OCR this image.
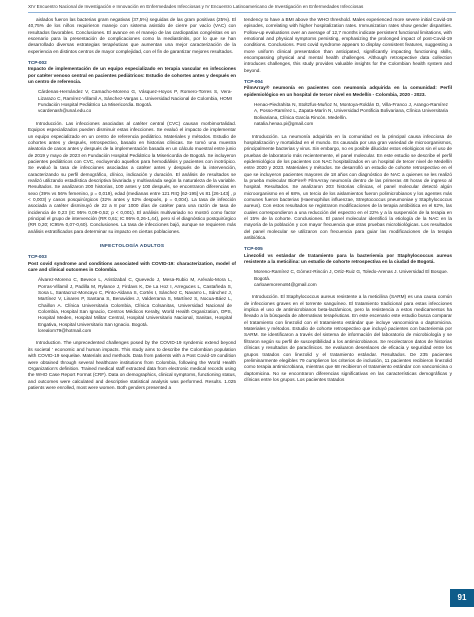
XIV Encuentro Nacional de Investigación e Innovación en Enfermedades Infecciosas y IV Encuentro Latinoamericano de Investigación en Enfermedades Infecciosas

aislados fueron las bacterias gram negativas (37,5%) seguidas de las gram positivas (25%). El 40,75% de los niños requirieron manejo con sistema asistido de cierre por vacío (VAC) con resultados favorables. Conclusiones. El avance en el manejo de las cardiopatías congénitas es un escenario para la presentación de complicaciones como la mediastinitis, por lo que se han desarrollado diversas estrategias terapéuticas que aumentan una mejor caracterización de la experiencia en distintos centros de mayor complejidad, con el fin de garantizar mejores resultados.

TCP-002

Impacto de implementación de un equipo especializado en terapia vascular en infecciones por catéter venoso central en pacientes pediátricos: Estudio de cohortes antes y después en un centro de referencia.

Cárdenas-Hernández V, Camacho-Moreno G, Vásquez-Hoyos P, Romero-Torres S, Vera-Lizarazo C, Ramírez-Villamil A, Sánchez-Vargas L. Universidad Nacional de Colombia, HOMI Fundación Hospital Pediátrico La Misericordia. Bogotá.

vcardenash@unal.edu.co

Introducción. Las infecciones asociadas al catéter central (CVC) causan morbimortalidad. Equipos especializados pueden disminuir estas infecciones. Se evaluó el impacto de implementar un equipo especializado en un centro de referencia pediátrico. Materiales y métodos. Estudio de cohortes antes y después, retrospectivo, basado en historias clínicas. Se tomó una muestra aleatoria de casos antes y después de la implementación basada en un cálculo muestral entre junio de 2019 y mayo de 2023 en Fundación Hospital Pediátrico la Misericordia de Bogotá. Se incluyeron pacientes pediátricos con CVC, excluyendo aquellos para hemodiálisis y pacientes con inotrópico. Se evaluó la tasa de infecciones asociadas a catéter antes y después de la intervención, caracterizando su perfil demográfico, clínico, indicación y duración. El análisis de resultados se realizó utilizando estadística descriptiva bivariada y multivariada según la naturaleza de la variable. Resultados. Se analizaron 200 historias, 100 antes y 100 después, se encontraron diferencias en sexo (39% vs 56% femenino, p = 0,019), edad (medianas entre 121 RIQ [62-195] vs 81 [26-143] , p < 0,003) y casos posquirúrgicos (32% antes y 52% después, p = 0,004). La tasa de infección asociada a catéter disminuyó de 22 a 8 por 1000 días de catéter para una razón de tasa de incidencia de 0,23 (IC 95% 0,09-0,52; p < 0,001). El análisis multivariado no mostró como factor principal el grupo de intervención (RR 0,61; IC 95% 0,26-1,44), pero sí el diagnóstico postquirúrgico (RR 0,20; IC95% 0,07-0,60). Conclusiones. La tasa de infecciones bajó, aunque se requieren más análisis estratificados para determinar su impacto en ciertas poblaciones.

INFECTOLOGÍA ADULTOS

TCP-003

Post covid syndrome and conditions associated with COVID-19: characterization, model of care and clinical outcomes in Colombia.

Álvarez-Moreno C, Bevece L, Aristizabal C, Quevedo J, Mesa-Rubio M, Arévalo-Mora L, Porras-Villamil J, Padilla M, Rylance J, Firdavs K, De La Hoz I, Arreguces L, Castañeda S, Sosa L, Santacruz-Moncayo C, Pinto-Aldana S, Cortés I, Sánchez C, Navarro L, Sánchez J, Martínez V, Linares P, Santana S, Benavides J, Valderrama S, Martínez S, Nocua-Báez L, Chaillon A. Clínica Universitaria Colombia, Clínica Colsanitas, Universidad Nacional de Colombia, Hospital San Ignacio, Centros Médicos Keralty, World Health Organization, OPS, Hospital Meden, Hospital Militar Central, Hospital Universitario Nacional, Sanitas, Hospital Engativa, Hospital Universitario San Ignacio. Bogotá.

lorealom79@hotmail.com

Introduction. The unprecedented challenges posed by the COVID-19 syndemic extend beyond its societal ' economic and human impacts. This study aims to describe the Colombian population with COVID-19 sequelae. Materials and methods. Data from patients with a Post Covid-19 condition were obtained through several healthcare institutions from Colombia, following the World Health Organization's definition. Trained medical staff extracted data from electronic medical records using the WHO Case Report Format (CRF). Data on demographics, clinical symptoms, functioning status, and outcomes were calculated and descriptive statistical analysis was performed. Results. 1.025 patients were enrolled, most were women. Both genders presented a

tendency to have a BMI above the WHO threshold. Males experienced more severe initial Covid-19 episodes, correlating with higher hospitalization rates. Immunization rates show gender disparities. Follow-up evaluations over an average of 12,7 months indicate persistent functional limitations, with emotional and physical symptoms persisting, emphasizing the prolonged impact of post-Covid-19 conditions. Conclusions. Post covid syndrome appears to display consistent features, suggesting a more uniform clinical presentation than anticipated, significantly impacting functioning skills, encompassing physical and mental health challenges. Although retrospective data collection introduces challenges, this study provides valuable insights for the Colombian health system and beyond.

TCP-004

FilmArray® neumonía en pacientes con neumonía adquirida en la comunidad: Perfil epidemiológico en un hospital de tercer nivel en Medellín - Colombia, 2020 - 2023.

Henao-Piedrahita N, Stoltzfus-Muñoz N, Montoya-Roldán D, Villa-Franco J, Arango-Ramírez A, Posso-Ramírez L, Zapata-Marín N, Universidad Pontificia Bolivariana, Clínica Universitaria Bolivariana, Clínica García Rincón. Medellín.

natalia.henao.pi@gmail.com

Introducción. La neumonía adquirida en la comunidad es la principal causa infecciosa de hospitalización y mortalidad en el mundo. Es causada por una gran variedad de microorganismos, principalmente bacterias y virus. Sin embargo, no es posible dilucidar estos etiológicos sin el uso de pruebas de laboratorio más recientemente, el panel molecular. En este estudio se describe el perfil epidemiológico de los pacientes con NAC hospitalizados en un hospital de tercer nivel de Medellín entre 2020 y 2023. Materiales y métodos. Se desarrolló un estudio de cohorte retrospectivo en el que se incluyeron pacientes mayores de 18 años con diagnóstico de NAC a quienes se les realizó la prueba molecular BioFire® FilmArray neumonía dentro de las primeras 48 horas de ingreso al hospital. Resultados. Se analizaron 203 historias clínicas, el panel molecular detectó algún microorganismo en el 68%, un tercio de los aislamientos fueron polimicrobianos y los agentes más comunes fueron bacterias (Haemophilus influenzae, Streptococcus pneumoniae y Staphylococcus aureus). Con estos resultados se registraron modificaciones de la terapia antibiótica en el 62%, las cuales correspondieron a una reducción del espectro en el 22% y a la suspensión de la terapia en el 15% de la cohorte. Conclusiones. El panel molecular identificó la etiología de la NAC en la mayoría de la población y con mayor frecuencia que otras pruebas microbiológicas. Los resultados del panel molecular se utilizaron con frecuencia para guiar las modificaciones de la terapia antibiótica.

TCP-005

Linezolid vs estándar de tratamiento para la bacteriemia por Staphylococcus aureus resistente a la meticilina: un estudio de cohorte retrospectiva en la ciudad de Bogotá.

Moreno-Ramírez C, Gómez-Rincón J, Ortiz-Ruiz G, Toledo-Arenas J. Universidad El Bosque. Bogotá.

carloaemoreno84@gmail.com

Introducción. El Staphylococcus aureus resistente a la meticilina (SARM) es una causa común de infecciones graves en el torrente sanguíneo. El tratamiento tradicional para estas infecciones implica el uso de antimicrobianos beta-lactámicos, pero la resistencia a estos medicamentos ha llevado a la búsqueda de alternativas terapéuticas. En este escenario este estudio busca comparar el tratamiento con linezolid con el tratamiento estándar que incluye vancomicina o daptomicina. Materiales y métodos. Estudio de cohorte retrospectivo que incluyó pacientes con bacteriemia por SARM. Se identificaron a través del sistema de información del laboratorio de microbiología y se filtraron según su perfil de susceptibilidad a los antimicrobianos. Se recolectaron datos de historias clínicas y resultados de paraclínicos. Se evaluaron desenlaces de eficacia y seguridad entre los grupos tratados con linezolid y el tratamiento estándar. Resultados. De 235 pacientes preliminarmente elegibles 79 cumplieron los criterios de inclusión, 11 pacientes recibieron linezolid como terapia antimicrobiana, mientras que 68 recibieron el tratamiento estándar con vancomicina o daptomicina. No se encontraron diferencias significativas en las características demográficas y clínicas entre los grupos. Los pacientes tratados

91
